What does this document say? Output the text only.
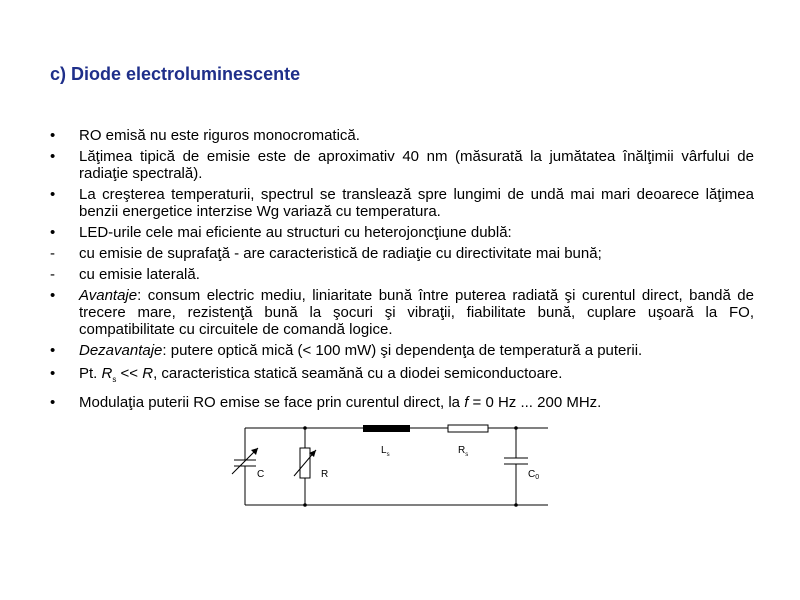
c) Diode electroluminescente
•	RO emisă nu este riguros monocromatică.
•	Lăţimea tipică de emisie este de aproximativ 40 nm (măsurată la jumătatea înălţimii vârfului de radiaţie spectrală).
•	La creşterea temperaturii, spectrul se translează spre lungimi de undă mai mari deoarece lăţimea benzii energetice interzise Wg variază cu temperatura.
•	LED-urile cele mai eficiente au structuri cu heterojoncţiune dublă:
-	cu emisie de suprafaţă - are caracteristică de radiaţie cu directivitate mai bună;
-	cu emisie laterală.
•	Avantaje: consum electric mediu, liniaritate bună între puterea radiată şi curentul direct, bandă de trecere mare, rezistenţă bună la şocuri şi vibraţii, fiabilitate bună, cuplare uşoară la FO, compatibilitate cu circuitele de comandă logice.
•	Dezavantaje: putere optică mică (< 100 mW) şi dependenţa de temperatură a puterii.
•	Pt. $R_s << R$, caracteristica statică seamănă cu a diodei semiconductoare.
•	Modulaţia puterii RO emise se face prin curentul direct, la f = 0 Hz ... 200 MHz.
C	R
$L_s$	$R_s$
$C_0$
